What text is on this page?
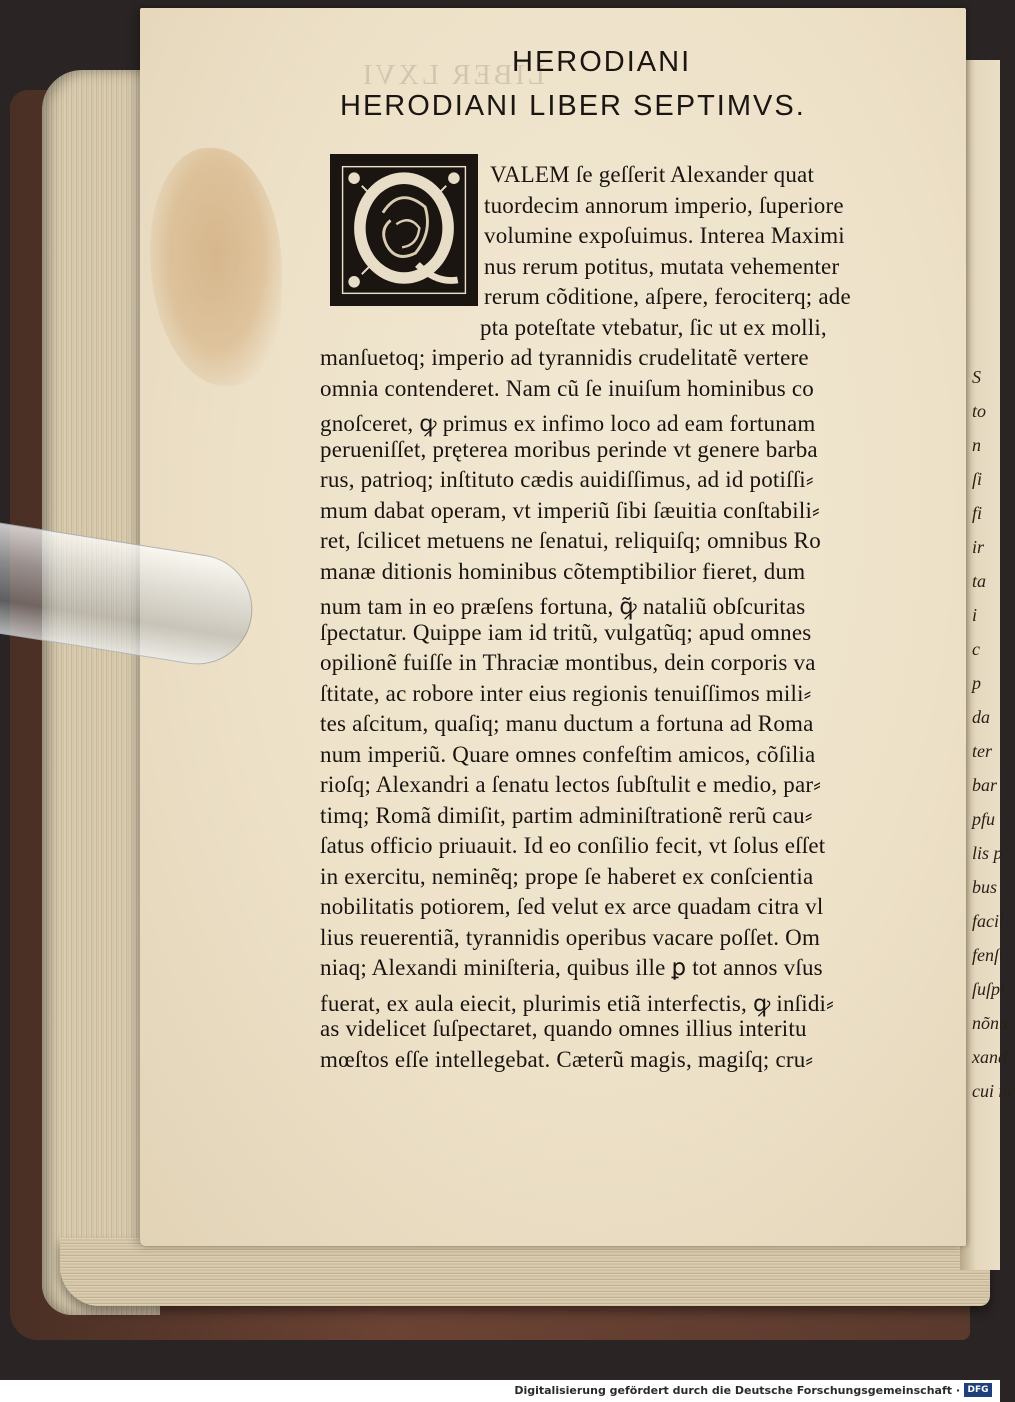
S
to
n
ſi
fi
ir
ta
i
c
p
da
ter
bar
pfu
lis p
bus
facil
fenſi
ſuſpi
nõnu
xand
cui nc
LIBER LXVI
HERODIANI
HERODIANI LIBER SEPTIMVS.
VALEM ſe geſſerit Alexander quat
tuordecim annorum imperio, ſuperiore
volumine expoſuimus. Interea Maximi
nus rerum potitus, mutata vehementer
rerum cõditione, aſpere, ferociterq; ade
pta poteſtate vtebatur, ſic ut ex molli,
manſuetoq; imperio ad tyrannidis crudelitatẽ vertere
omnia contenderet. Nam cũ ſe inuiſum hominibus co
gnoſceret, ꝙ primus ex infimo loco ad eam fortunam
perueniſſet, pręterea moribus perinde vt genere barba
rus, patrioq; inſtituto cædis auidiſſimus, ad id potiſſi⸗
mum dabat operam, vt imperiũ ſibi ſæuitia conſtabili⸗
ret, ſcilicet metuens ne ſenatui, reliquiſq; omnibus Ro
manæ ditionis hominibus cõtemptibilior fieret, dum
num tam in eo præſens fortuna, ꝙ̃ nataliũ obſcuritas
ſpectatur. Quippe iam id tritũ, vulgatũq; apud omnes
opilionẽ fuiſſe in Thraciæ montibus, dein corporis va
ſtitate, ac robore inter eius regionis tenuiſſimos mili⸗
tes aſcitum, quaſiq; manu ductum a fortuna ad Roma
num imperiũ. Quare omnes confeſtim amicos, cõſilia
rioſq; Alexandri a ſenatu lectos ſubſtulit e medio, par⸗
timq; Romã dimiſit, partim adminiſtrationẽ rerũ cau⸗
ſatus officio priuauit. Id eo conſilio fecit, vt ſolus eſſet
in exercitu, neminẽq; prope ſe haberet ex conſcientia
nobilitatis potiorem, ſed velut ex arce quadam citra vl
lius reuerentiã, tyrannidis operibus vacare poſſet. Om
niaq; Alexandi miniſteria, quibus ille ꝑ tot annos vſus
fuerat, ex aula eiecit, plurimis etiã interfectis, ꝙ inſidi⸗
as videlicet ſuſpectaret, quando omnes illius interitu
mœſtos eſſe intellegebat. Cæterũ magis, magiſq; cru⸗
Digitalisierung gefördert durch die Deutsche Forschungsgemeinschaft · DFG
